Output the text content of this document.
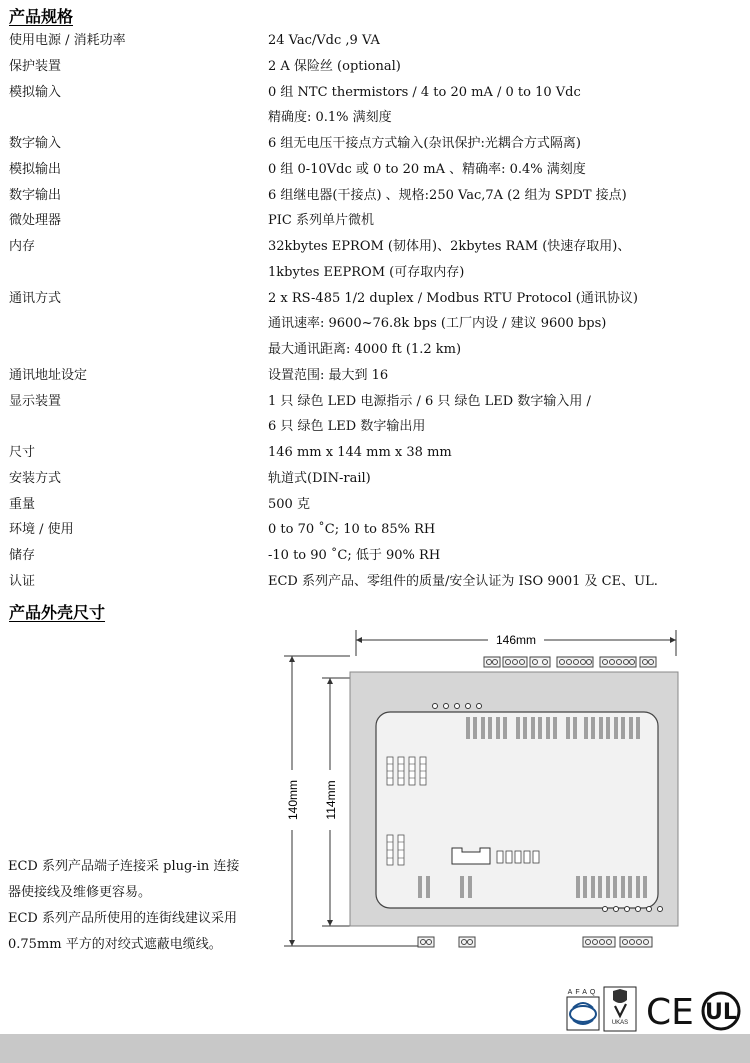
产品规格
使用电源 / 消耗功率	24 Vac/Vdc ,9 VA
保护装置	2 A 保险丝 (optional)
模拟输入	0 组 NTC thermistors / 4 to 20 mA / 0 to 10 Vdc
精确度: 0.1% 满刻度
数字输入	6 组无电压干接点方式输入(杂讯保护:光耦合方式隔离)
模拟输出	0 组 0-10Vdc 或 0 to 20 mA 、精确率: 0.4% 满刻度
数字输出	6 组继电器(干接点) 、规格:250 Vac,7A (2 组为 SPDT 接点)
微处理器	PIC 系列单片微机
内存	32kbytes EPROM (韧体用)、2kbytes RAM (快速存取用)、
1kbytes EEPROM (可存取内存)
通讯方式	2 x RS-485 1/2 duplex / Modbus RTU Protocol (通讯协议)
通讯速率: 9600~76.8k bps (工厂内设 / 建议 9600 bps)
最大通讯距离: 4000 ft (1.2 km)
通讯地址设定	设置范围: 最大到 16
显示装置	1 只 绿色 LED 电源指示 / 6 只 绿色 LED 数字输入用 /
6 只 绿色 LED 数字输出用
尺寸	146 mm x 144 mm x 38 mm
安装方式	轨道式(DIN-rail)
重量	500 克
环境 / 使用	0 to 70 ˚C; 10 to 85% RH
储存	-10 to 90 ˚C; 低于 90% RH
认证	ECD 系列产品、零组件的质量/安全认证为 ISO 9001 及 CE、UL.
产品外壳尺寸
ECD 系列产品端子连接采 plug-in 连接
器使接线及维修更容易。
ECD 系列产品所使用的连街线建议采用
0.75mm 平方的对绞式遮蔽电缆线。
146mm
140mm 114mm
AFAQ
UKAS CE UL
